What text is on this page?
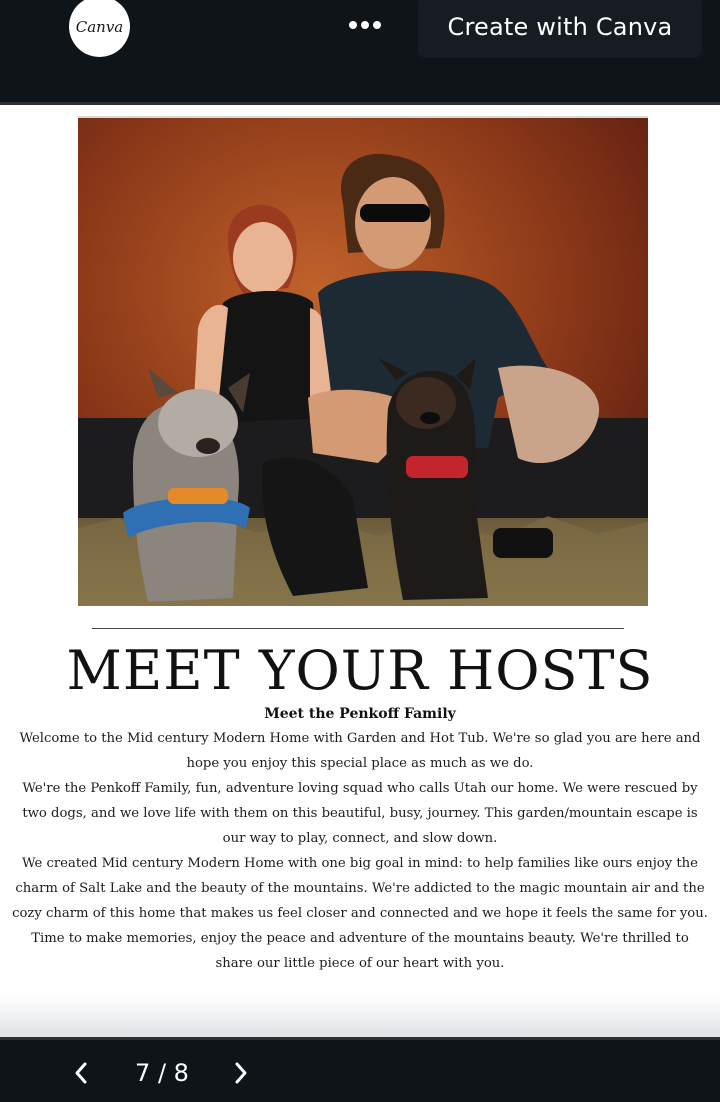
Canva	Create with Canva
MEET YOUR HOSTS
Meet the Penkoff Family

Welcome to the Mid century Modern Home with Garden and Hot Tub. We're so glad you are here and hope you enjoy this special place as much as we do.

We're the Penkoff Family, fun, adventure loving squad who calls Utah our home. We were rescued by two dogs, and we love life with them on this beautiful, busy, journey. This garden/mountain escape is our way to play, connect, and slow down.

We created Mid century Modern Home with one big goal in mind: to help families like ours enjoy the charm of Salt Lake and the beauty of the mountains. We're addicted to the magic mountain air and the cozy charm of this home that makes us feel closer and connected and we hope it feels the same for you. Time to make memories, enjoy the peace and adventure of the mountains beauty. We're thrilled to share our little piece of our heart with you.

7 / 8
